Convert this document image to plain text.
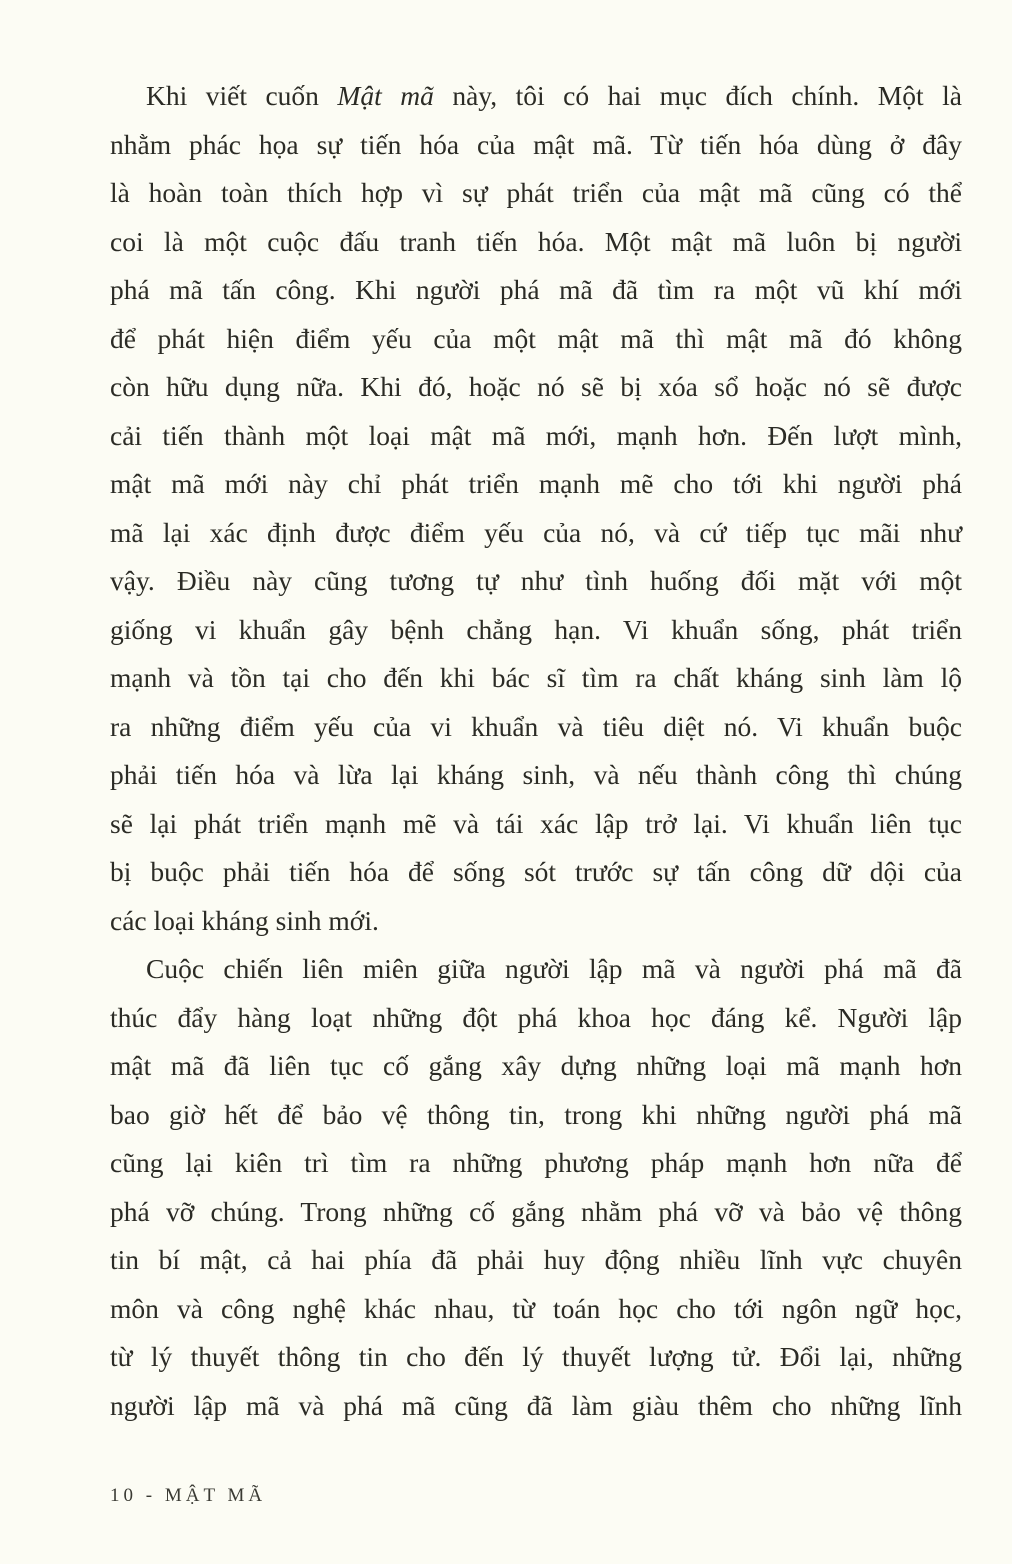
Khi viết cuốn Mật mã này, tôi có hai mục đích chính. Một là
nhằm phác họa sự tiến hóa của mật mã. Từ tiến hóa dùng ở đây
là hoàn toàn thích hợp vì sự phát triển của mật mã cũng có thể
coi là một cuộc đấu tranh tiến hóa. Một mật mã luôn bị người
phá mã tấn công. Khi người phá mã đã tìm ra một vũ khí mới
để phát hiện điểm yếu của một mật mã thì mật mã đó không
còn hữu dụng nữa. Khi đó, hoặc nó sẽ bị xóa sổ hoặc nó sẽ được
cải tiến thành một loại mật mã mới, mạnh hơn. Đến lượt mình,
mật mã mới này chỉ phát triển mạnh mẽ cho tới khi người phá
mã lại xác định được điểm yếu của nó, và cứ tiếp tục mãi như
vậy. Điều này cũng tương tự như tình huống đối mặt với một
giống vi khuẩn gây bệnh chẳng hạn. Vi khuẩn sống, phát triển
mạnh và tồn tại cho đến khi bác sĩ tìm ra chất kháng sinh làm lộ
ra những điểm yếu của vi khuẩn và tiêu diệt nó. Vi khuẩn buộc
phải tiến hóa và lừa lại kháng sinh, và nếu thành công thì chúng
sẽ lại phát triển mạnh mẽ và tái xác lập trở lại. Vi khuẩn liên tục
bị buộc phải tiến hóa để sống sót trước sự tấn công dữ dội của
các loại kháng sinh mới.
Cuộc chiến liên miên giữa người lập mã và người phá mã đã
thúc đẩy hàng loạt những đột phá khoa học đáng kể. Người lập
mật mã đã liên tục cố gắng xây dựng những loại mã mạnh hơn
bao giờ hết để bảo vệ thông tin, trong khi những người phá mã
cũng lại kiên trì tìm ra những phương pháp mạnh hơn nữa để
phá vỡ chúng. Trong những cố gắng nhằm phá vỡ và bảo vệ thông
tin bí mật, cả hai phía đã phải huy động nhiều lĩnh vực chuyên
môn và công nghệ khác nhau, từ toán học cho tới ngôn ngữ học,
từ lý thuyết thông tin cho đến lý thuyết lượng tử. Đổi lại, những
người lập mã và phá mã cũng đã làm giàu thêm cho những lĩnh
10 - MẬT MÃ
